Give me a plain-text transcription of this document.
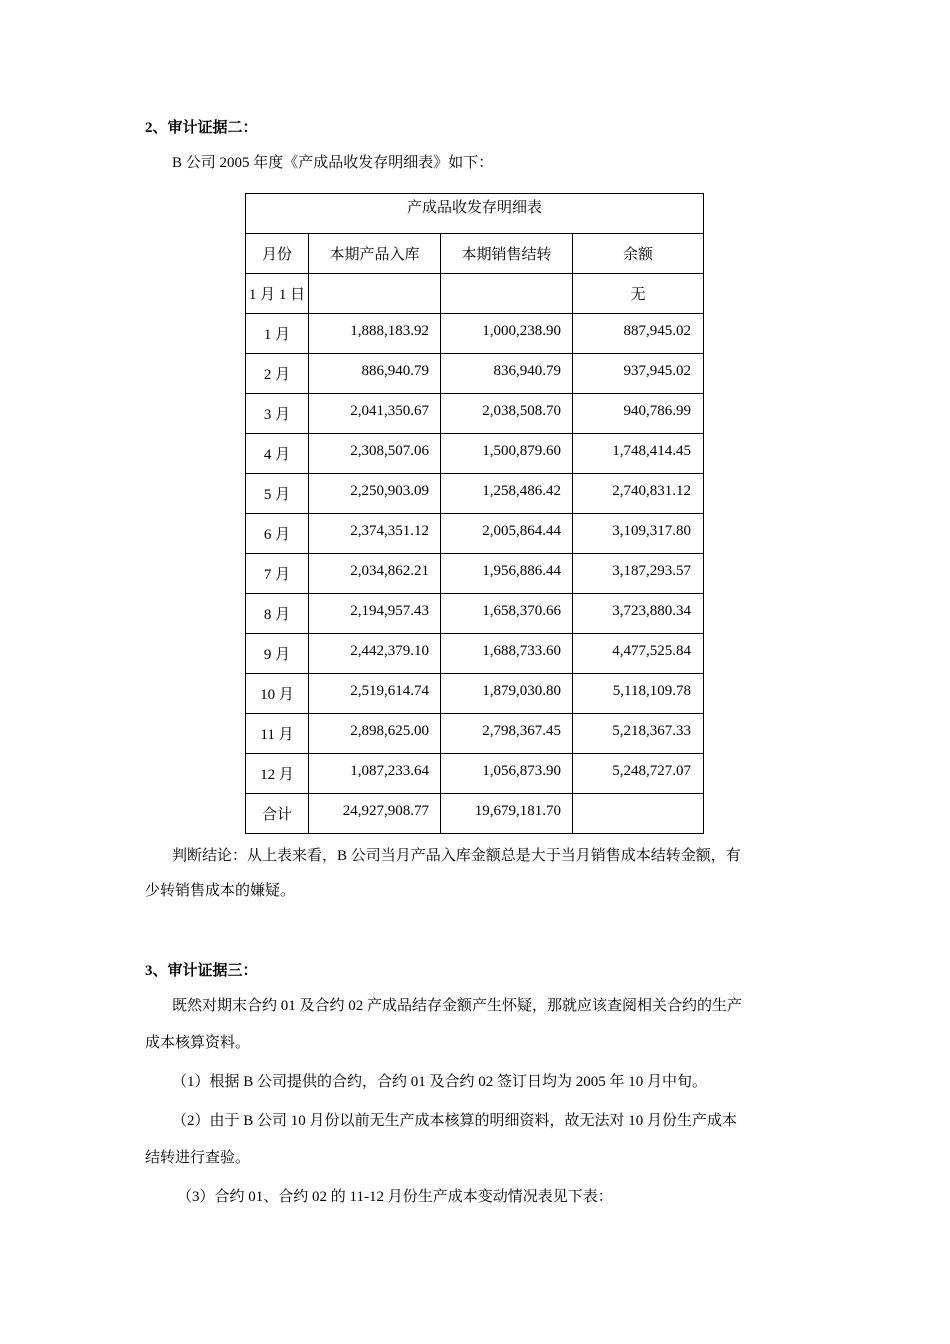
2、审计证据二：
B 公司 2005 年度《产成品收发存明细表》如下：
产成品收发存明细表			

月份	本期产品入库	本期销售结转	余额

1 月 1 日			无

1 月	1,888,183.92	1,000,238.90	887,945.02

2 月	886,940.79	836,940.79	937,945.02

3 月	2,041,350.67	2,038,508.70	940,786.99

4 月	2,308,507.06	1,500,879.60	1,748,414.45

5 月	2,250,903.09	1,258,486.42	2,740,831.12

6 月	2,374,351.12	2,005,864.44	3,109,317.80

7 月	2,034,862.21	1,956,886.44	3,187,293.57

8 月	2,194,957.43	1,658,370.66	3,723,880.34

9 月	2,442,379.10	1,688,733.60	4,477,525.84

10 月	2,519,614.74	1,879,030.80	5,118,109.78

11 月	2,898,625.00	2,798,367.45	5,218,367.33

12 月	1,087,233.64	1,056,873.90	5,248,727.07

合计	24,927,908.77	19,679,181.70	

判断结论：从上表来看，B 公司当月产品入库金额总是大于当月销售成本结转金额，有
少转销售成本的嫌疑。
3、审计证据三：
既然对期末合约 01 及合约 02 产成品结存金额产生怀疑，那就应该查阅相关合约的生产
成本核算资料。
（1）根据 B 公司提供的合约，合约 01 及合约 02 签订日均为 2005 年 10 月中旬。
（2）由于 B 公司 10 月份以前无生产成本核算的明细资料，故无法对 10 月份生产成本
结转进行查验。
（3）合约 01、合约 02 的 11-12 月份生产成本变动情况表见下表：
